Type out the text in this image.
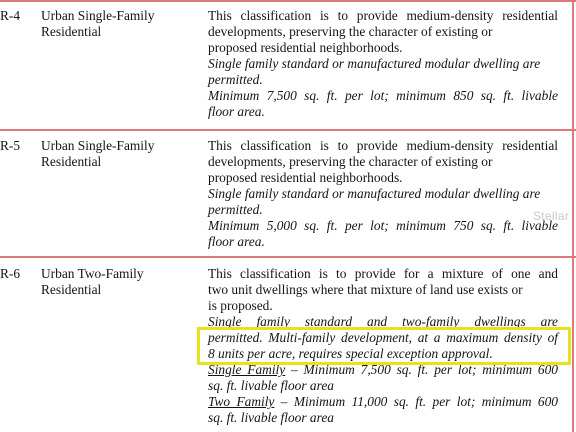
R-4 Urban Single-Family
Residential
This classification is to provide medium-density residential
developments, preserving the character of existing or
proposed residential neighborhoods.
Single family standard or manufactured modular dwelling are
permitted.
Minimum 7,500 sq. ft. per lot; minimum 850 sq. ft. livable
floor area.
R-5 Urban Single-Family
Residential
This classification is to provide medium-density residential
developments, preserving the character of existing or
proposed residential neighborhoods.
Single family standard or manufactured modular dwelling are
permitted.
Minimum 5,000 sq. ft. per lot; minimum 750 sq. ft. livable
floor area.
R-6 Urban Two-Family
Residential
This classification is to provide for a mixture of one and
two unit dwellings where that mixture of land use exists or
is proposed.
Single family standard and two-family dwellings are
permitted. Multi-family development, at a maximum density of
8 units per acre, requires special exception approval.
Single Family – Minimum 7,500 sq. ft. per lot; minimum 600
sq. ft. livable floor area
Two Family – Minimum 11,000 sq. ft. per lot; minimum 600
sq. ft. livable floor area
Stellar
